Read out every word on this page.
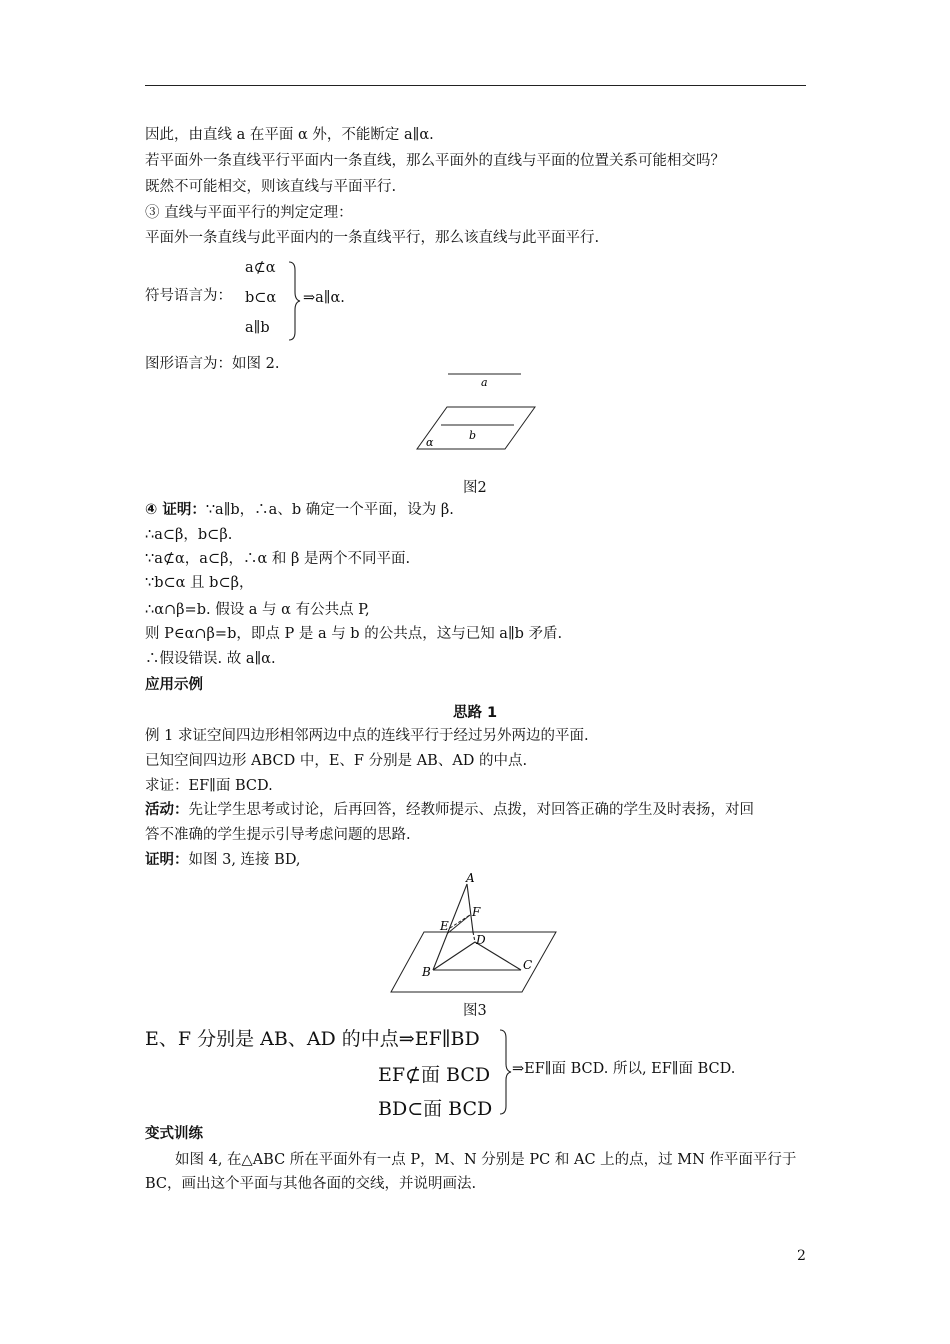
因此，由直线 a 在平面 α 外，不能断定 a∥α.
若平面外一条直线平行平面内一条直线，那么平面外的直线与平面的位置关系可能相交吗？
既然不可能相交，则该直线与平面平行.
③ 直线与平面平行的判定定理：
平面外一条直线与此平面内的一条直线平行，那么该直线与此平面平行.
符号语言为：
a⊄α
b⊂α
a∥b
⇒a∥α.
图形语言为：如图 2.
a
b
α
图2
④ 证明：∵a∥b，∴a、b 确定一个平面，设为 β.
∴a⊂β，b⊂β.
∵a⊄α，a⊂β，∴α 和 β 是两个不同平面.
∵b⊂α 且 b⊂β，
∴α∩β=b. 假设 a 与 α 有公共点 P,
则 P∈α∩β=b，即点 P 是 a 与 b 的公共点，这与已知 a∥b 矛盾.
∴假设错误. 故 a∥α.
应用示例
思路 1
例 1 求证空间四边形相邻两边中点的连线平行于经过另外两边的平面.
已知空间四边形 ABCD 中，E、F 分别是 AB、AD 的中点.
求证：EF∥面 BCD.
活动：先让学生思考或讨论，后再回答，经教师提示、点拨，对回答正确的学生及时表扬，对回
答不准确的学生提示引导考虑问题的思路.
证明：如图 3, 连接 BD,
A
E
F
D
B	C
图3
E、F 分别是 AB、AD 的中点⇒EF∥BD
EF⊄面 BCD
BD⊂面 BCD
⇒EF∥面 BCD. 所以, EF∥面 BCD.
变式训练
如图 4, 在△ABC 所在平面外有一点 P，M、N 分别是 PC 和 AC 上的点，过 MN 作平面平行于
BC，画出这个平面与其他各面的交线，并说明画法.
2
